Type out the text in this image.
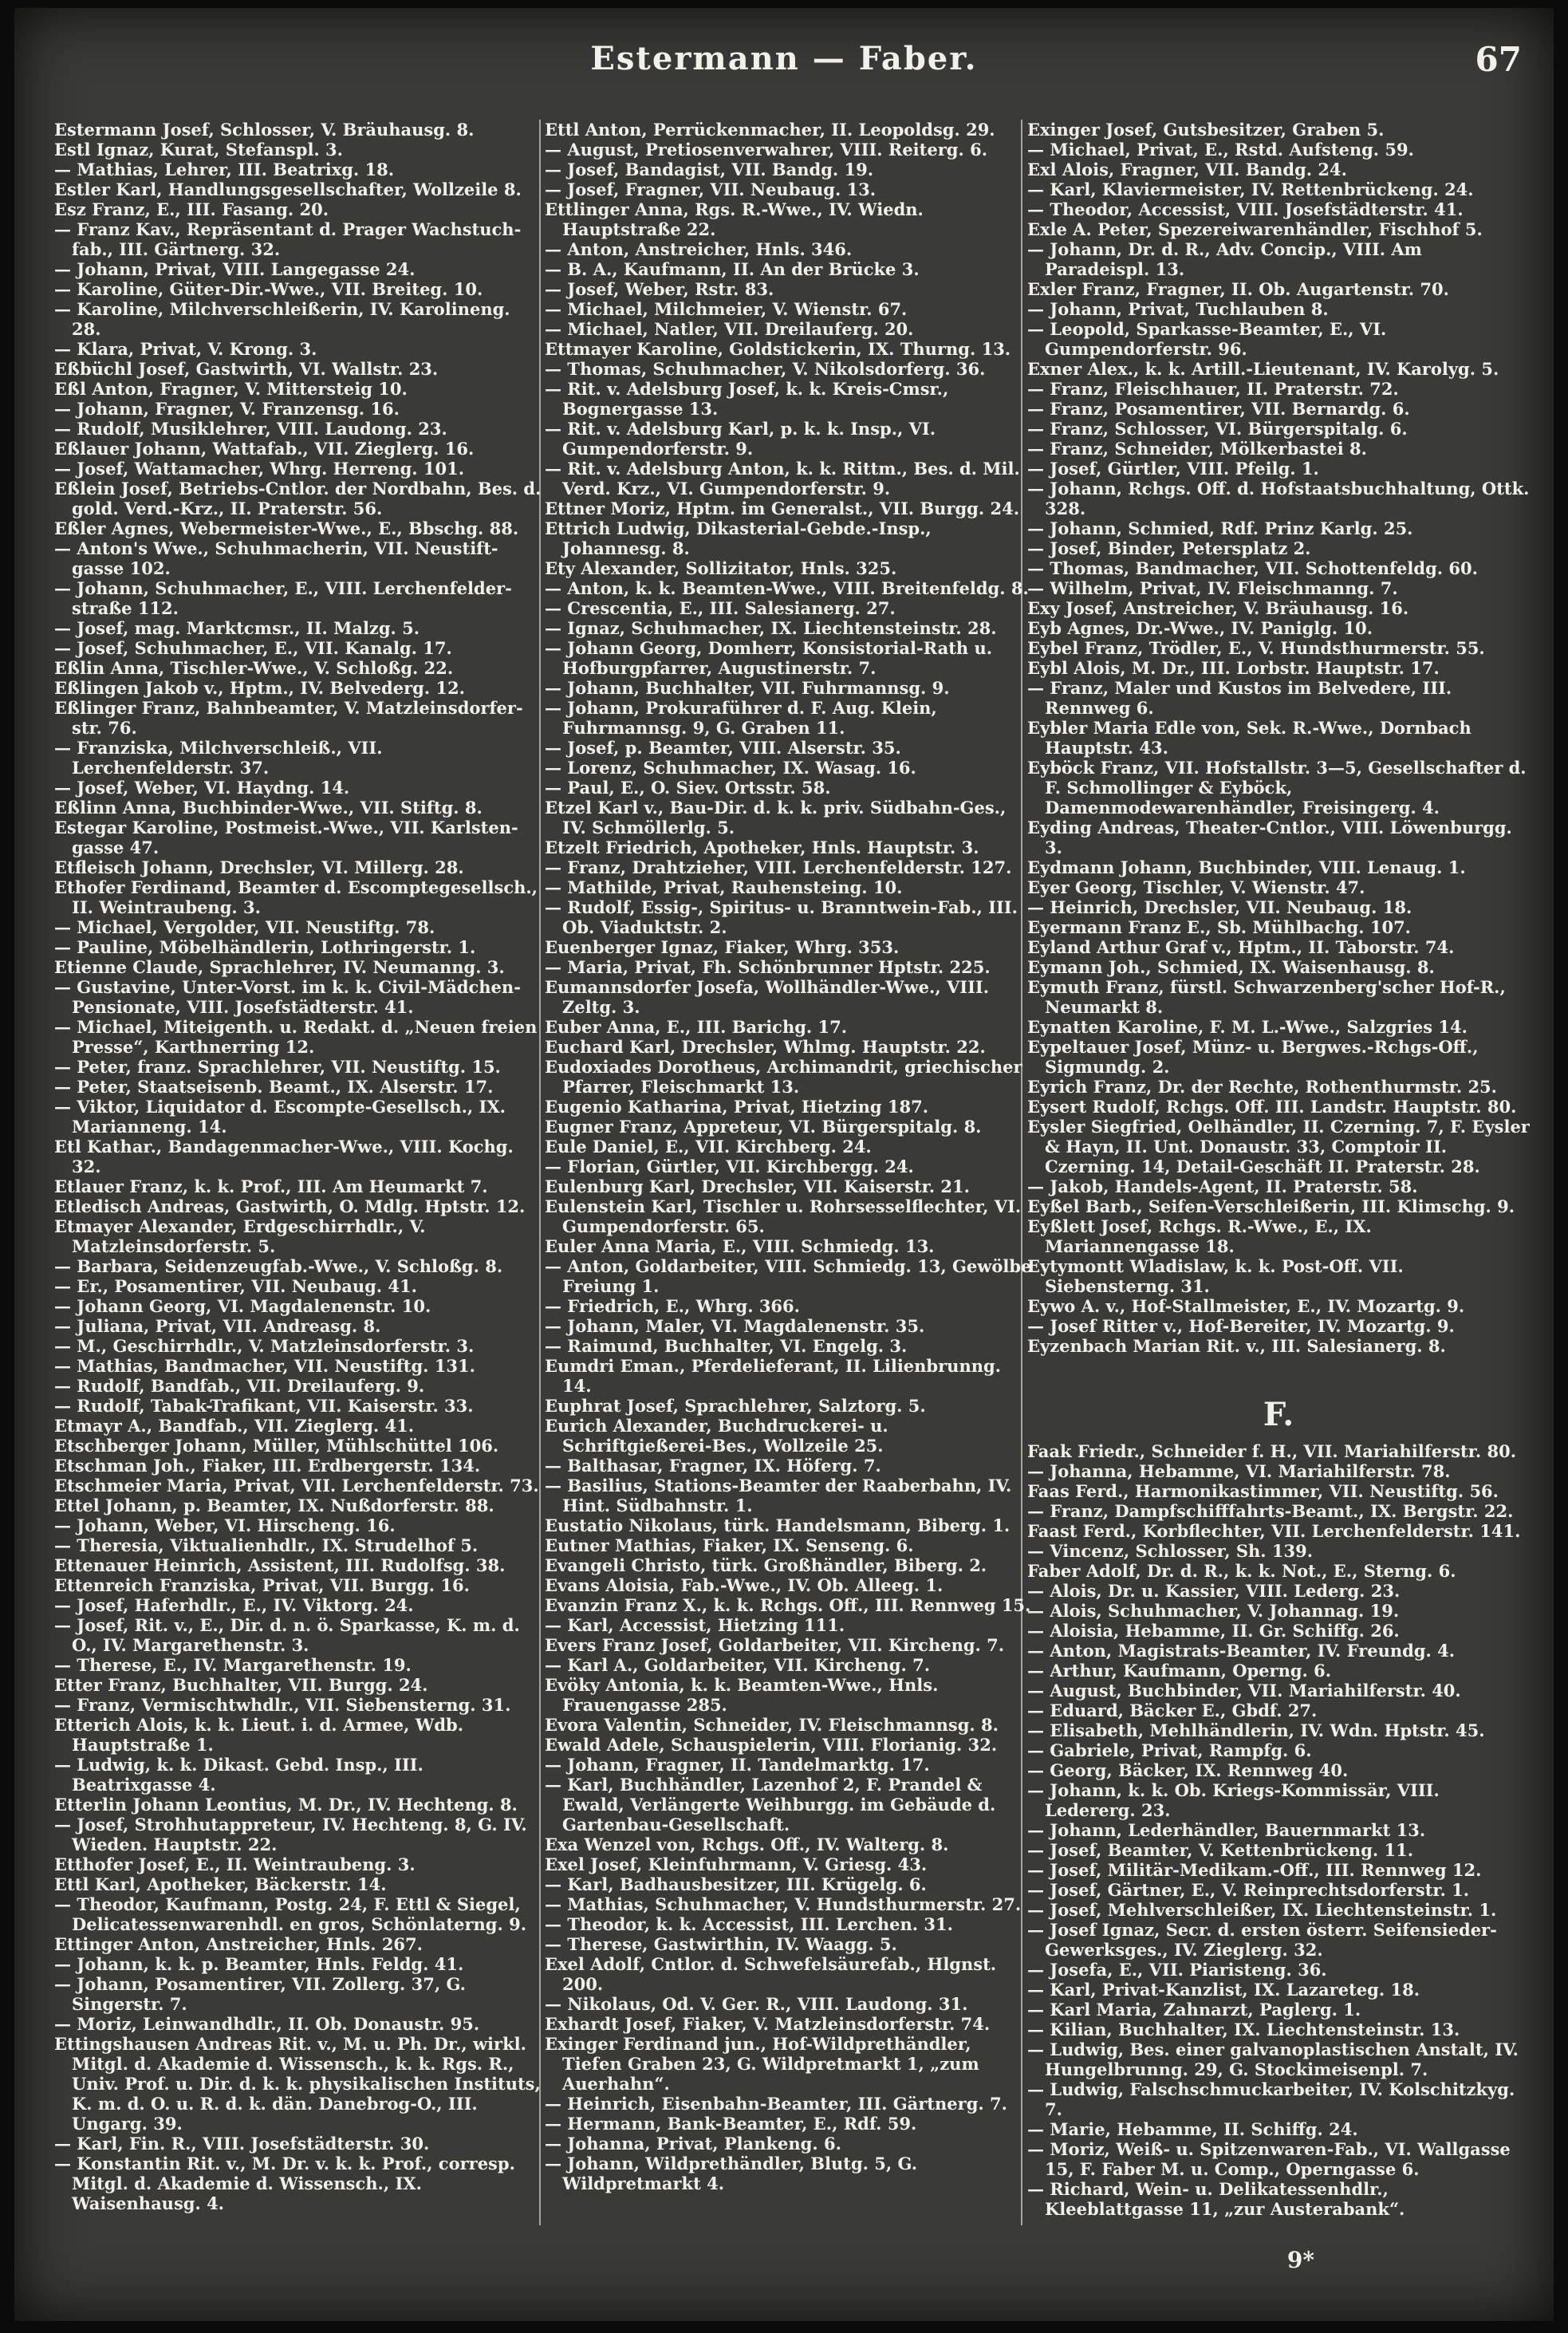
Estermann — Faber.	67
Estermann Josef, Schlosser, V. Bräuhausg. 8.
Estl Ignaz, Kurat, Stefanspl. 3.
— Mathias, Lehrer, III. Beatrixg. 18.
Estler Karl, Handlungsgesellschafter, Wollzeile 8.
Esz Franz, E., III. Fasang. 20.
— Franz Kav., Repräsentant d. Prager Wachstuch-fab., III. Gärtnerg. 32.
— Johann, Privat, VIII. Langegasse 24.
— Karoline, Güter-Dir.-Wwe., VII. Breiteg. 10.
— Karoline, Milchverschleißerin, IV. Karolineng. 28.
— Klara, Privat, V. Krong. 3.
Eßbüchl Josef, Gastwirth, VI. Wallstr. 23.
Eßl Anton, Fragner, V. Mittersteig 10.
— Johann, Fragner, V. Franzensg. 16.
— Rudolf, Musiklehrer, VIII. Laudong. 23.
Eßlauer Johann, Wattafab., VII. Zieglerg. 16.
— Josef, Wattamacher, Whrg. Herreng. 101.
Eßlein Josef, Betriebs-Cntlor. der Nordbahn, Bes. d. gold. Verd.-Krz., II. Praterstr. 56.
Eßler Agnes, Webermeister-Wwe., E., Bbschg. 88.
— Anton's Wwe., Schuhmacherin, VII. Neustift-gasse 102.
— Johann, Schuhmacher, E., VIII. Lerchenfelder-straße 112.
— Josef, mag. Marktcmsr., II. Malzg. 5.
— Josef, Schuhmacher, E., VII. Kanalg. 17.
Eßlin Anna, Tischler-Wwe., V. Schloßg. 22.
Eßlingen Jakob v., Hptm., IV. Belvederg. 12.
Eßlinger Franz, Bahnbeamter, V. Matzleinsdorfer-str. 76.
— Franziska, Milchverschleiß., VII. Lerchenfelderstr. 37.
— Josef, Weber, VI. Haydng. 14.
Eßlinn Anna, Buchbinder-Wwe., VII. Stiftg. 8.
Estegar Karoline, Postmeist.-Wwe., VII. Karlsten-gasse 47.
Etfleisch Johann, Drechsler, VI. Millerg. 28.
Ethofer Ferdinand, Beamter d. Escomptegesellsch., II. Weintraubeng. 3.
— Michael, Vergolder, VII. Neustiftg. 78.
— Pauline, Möbelhändlerin, Lothringerstr. 1.
Etienne Claude, Sprachlehrer, IV. Neumanng. 3.
— Gustavine, Unter-Vorst. im k. k. Civil-Mädchen-Pensionate, VIII. Josefstädterstr. 41.
— Michael, Miteigenth. u. Redakt. d. „Neuen freien Presse“, Karthnerring 12.
— Peter, franz. Sprachlehrer, VII. Neustiftg. 15.
— Peter, Staatseisenb. Beamt., IX. Alserstr. 17.
— Viktor, Liquidator d. Escompte-Gesellsch., IX. Marianneng. 14.
Etl Kathar., Bandagenmacher-Wwe., VIII. Kochg. 32.
Etlauer Franz, k. k. Prof., III. Am Heumarkt 7.
Etledisch Andreas, Gastwirth, O. Mdlg. Hptstr. 12.
Etmayer Alexander, Erdgeschirrhdlr., V. Matzleinsdorferstr. 5.
— Barbara, Seidenzeugfab.-Wwe., V. Schloßg. 8.
— Er., Posamentirer, VII. Neubaug. 41.
— Johann Georg, VI. Magdalenenstr. 10.
— Juliana, Privat, VII. Andreasg. 8.
— M., Geschirrhdlr., V. Matzleinsdorferstr. 3.
— Mathias, Bandmacher, VII. Neustiftg. 131.
— Rudolf, Bandfab., VII. Dreilauferg. 9.
— Rudolf, Tabak-Trafikant, VII. Kaiserstr. 33.
Etmayr A., Bandfab., VII. Zieglerg. 41.
Etschberger Johann, Müller, Mühlschüttel 106.
Etschman Joh., Fiaker, III. Erdbergerstr. 134.
Etschmeier Maria, Privat, VII. Lerchenfelderstr. 73.
Ettel Johann, p. Beamter, IX. Nußdorferstr. 88.
— Johann, Weber, VI. Hirscheng. 16.
— Theresia, Viktualienhdlr., IX. Strudelhof 5.
Ettenauer Heinrich, Assistent, III. Rudolfsg. 38.
Ettenreich Franziska, Privat, VII. Burgg. 16.
— Josef, Haferhdlr., E., IV. Viktorg. 24.
— Josef, Rit. v., E., Dir. d. n. ö. Sparkasse, K. m. d. O., IV. Margarethenstr. 3.
— Therese, E., IV. Margarethenstr. 19.
Etter Franz, Buchhalter, VII. Burgg. 24.
— Franz, Vermischtwhdlr., VII. Siebensterng. 31.
Etterich Alois, k. k. Lieut. i. d. Armee, Wdb. Hauptstraße 1.
— Ludwig, k. k. Dikast. Gebd. Insp., III. Beatrixgasse 4.
Etterlin Johann Leontius, M. Dr., IV. Hechteng. 8.
— Josef, Strohhutappreteur, IV. Hechteng. 8, G. IV. Wieden. Hauptstr. 22.
Etthofer Josef, E., II. Weintraubeng. 3.
Ettl Karl, Apotheker, Bäckerstr. 14.
— Theodor, Kaufmann, Postg. 24, F. Ettl & Siegel, Delicatessenwarenhdl. en gros, Schönlaterng. 9.
Ettinger Anton, Anstreicher, Hnls. 267.
— Johann, k. k. p. Beamter, Hnls. Feldg. 41.
— Johann, Posamentirer, VII. Zollerg. 37, G. Singerstr. 7.
— Moriz, Leinwandhdlr., II. Ob. Donaustr. 95.
Ettingshausen Andreas Rit. v., M. u. Ph. Dr., wirkl. Mitgl. d. Akademie d. Wissensch., k. k. Rgs. R., Univ. Prof. u. Dir. d. k. k. physikalischen Instituts, K. m. d. O. u. R. d. k. dän. Danebrog-O., III. Ungarg. 39.
— Karl, Fin. R., VIII. Josefstädterstr. 30.
— Konstantin Rit. v., M. Dr. v. k. k. Prof., corresp. Mitgl. d. Akademie d. Wissensch., IX. Waisenhausg. 4.
Ettl Anton, Perrückenmacher, II. Leopoldsg. 29.
— August, Pretiosenverwahrer, VIII. Reiterg. 6.
— Josef, Bandagist, VII. Bandg. 19.
— Josef, Fragner, VII. Neubaug. 13.
Ettlinger Anna, Rgs. R.-Wwe., IV. Wiedn. Hauptstraße 22.
— Anton, Anstreicher, Hnls. 346.
— B. A., Kaufmann, II. An der Brücke 3.
— Josef, Weber, Rstr. 83.
— Michael, Milchmeier, V. Wienstr. 67.
— Michael, Natler, VII. Dreilauferg. 20.
Ettmayer Karoline, Goldstickerin, IX. Thurng. 13.
— Thomas, Schuhmacher, V. Nikolsdorferg. 36.
— Rit. v. Adelsburg Josef, k. k. Kreis-Cmsr., Bognergasse 13.
— Rit. v. Adelsburg Karl, p. k. k. Insp., VI. Gumpendorferstr. 9.
— Rit. v. Adelsburg Anton, k. k. Rittm., Bes. d. Mil. Verd. Krz., VI. Gumpendorferstr. 9.
Ettner Moriz, Hptm. im Generalst., VII. Burgg. 24.
Ettrich Ludwig, Dikasterial-Gebde.-Insp., Johannesg. 8.
Ety Alexander, Sollizitator, Hnls. 325.
— Anton, k. k. Beamten-Wwe., VIII. Breitenfeldg. 8.
— Crescentia, E., III. Salesianerg. 27.
— Ignaz, Schuhmacher, IX. Liechtensteinstr. 28.
— Johann Georg, Domherr, Konsistorial-Rath u. Hofburgpfarrer, Augustinerstr. 7.
— Johann, Buchhalter, VII. Fuhrmannsg. 9.
— Johann, Prokuraführer d. F. Aug. Klein, Fuhrmannsg. 9, G. Graben 11.
— Josef, p. Beamter, VIII. Alserstr. 35.
— Lorenz, Schuhmacher, IX. Wasag. 16.
— Paul, E., O. Siev. Ortsstr. 58.
Etzel Karl v., Bau-Dir. d. k. k. priv. Südbahn-Ges., IV. Schmöllerlg. 5.
Etzelt Friedrich, Apotheker, Hnls. Hauptstr. 3.
— Franz, Drahtzieher, VIII. Lerchenfelderstr. 127.
— Mathilde, Privat, Rauhensteing. 10.
— Rudolf, Essig-, Spiritus- u. Branntwein-Fab., III. Ob. Viaduktstr. 2.
Euenberger Ignaz, Fiaker, Whrg. 353.
— Maria, Privat, Fh. Schönbrunner Hptstr. 225.
Eumannsdorfer Josefa, Wollhändler-Wwe., VIII. Zeltg. 3.
Euber Anna, E., III. Barichg. 17.
Euchard Karl, Drechsler, Whlmg. Hauptstr. 22.
Eudoxiades Dorotheus, Archimandrit, griechischer Pfarrer, Fleischmarkt 13.
Eugenio Katharina, Privat, Hietzing 187.
Eugner Franz, Appreteur, VI. Bürgerspitalg. 8.
Eule Daniel, E., VII. Kirchberg. 24.
— Florian, Gürtler, VII. Kirchbergg. 24.
Eulenburg Karl, Drechsler, VII. Kaiserstr. 21.
Eulenstein Karl, Tischler u. Rohrsesselflechter, VI. Gumpendorferstr. 65.
Euler Anna Maria, E., VIII. Schmiedg. 13.
— Anton, Goldarbeiter, VIII. Schmiedg. 13, Gewölbe Freiung 1.
— Friedrich, E., Whrg. 366.
— Johann, Maler, VI. Magdalenenstr. 35.
— Raimund, Buchhalter, VI. Engelg. 3.
Eumdri Eman., Pferdelieferant, II. Lilienbrunng. 14.
Euphrat Josef, Sprachlehrer, Salztorg. 5.
Eurich Alexander, Buchdruckerei- u. Schriftgießerei-Bes., Wollzeile 25.
— Balthasar, Fragner, IX. Höferg. 7.
— Basilius, Stations-Beamter der Raaberbahn, IV. Hint. Südbahnstr. 1.
Eustatio Nikolaus, türk. Handelsmann, Biberg. 1.
Eutner Mathias, Fiaker, IX. Senseng. 6.
Evangeli Christo, türk. Großhändler, Biberg. 2.
Evans Aloisia, Fab.-Wwe., IV. Ob. Alleeg. 1.
Evanzin Franz X., k. k. Rchgs. Off., III. Rennweg 15.
— Karl, Accessist, Hietzing 111.
Evers Franz Josef, Goldarbeiter, VII. Kircheng. 7.
— Karl A., Goldarbeiter, VII. Kircheng. 7.
Evöky Antonia, k. k. Beamten-Wwe., Hnls. Frauengasse 285.
Evora Valentin, Schneider, IV. Fleischmannsg. 8.
Ewald Adele, Schauspielerin, VIII. Florianig. 32.
— Johann, Fragner, II. Tandelmarktg. 17.
— Karl, Buchhändler, Lazenhof 2, F. Prandel & Ewald, Verlängerte Weihburgg. im Gebäude d. Gartenbau-Gesellschaft.
Exa Wenzel von, Rchgs. Off., IV. Walterg. 8.
Exel Josef, Kleinfuhrmann, V. Griesg. 43.
— Karl, Badhausbesitzer, III. Krügelg. 6.
— Mathias, Schuhmacher, V. Hundsthurmerstr. 27.
— Theodor, k. k. Accessist, III. Lerchen. 31.
— Therese, Gastwirthin, IV. Waagg. 5.
Exel Adolf, Cntlor. d. Schwefelsäurefab., Hlgnst. 200.
— Nikolaus, Od. V. Ger. R., VIII. Laudong. 31.
Exhardt Josef, Fiaker, V. Matzleinsdorferstr. 74.
Exinger Ferdinand jun., Hof-Wildprethändler, Tiefen Graben 23, G. Wildpretmarkt 1, „zum Auerhahn“.
— Heinrich, Eisenbahn-Beamter, III. Gärtnerg. 7.
— Hermann, Bank-Beamter, E., Rdf. 59.
— Johanna, Privat, Plankeng. 6.
— Johann, Wildprethändler, Blutg. 5, G. Wildpretmarkt 4.
Exinger Josef, Gutsbesitzer, Graben 5.
— Michael, Privat, E., Rstd. Aufsteng. 59.
Exl Alois, Fragner, VII. Bandg. 24.
— Karl, Klaviermeister, IV. Rettenbrückeng. 24.
— Theodor, Accessist, VIII. Josefstädterstr. 41.
Exle A. Peter, Spezereiwarenhändler, Fischhof 5.
— Johann, Dr. d. R., Adv. Concip., VIII. Am Paradeispl. 13.
Exler Franz, Fragner, II. Ob. Augartenstr. 70.
— Johann, Privat, Tuchlauben 8.
— Leopold, Sparkasse-Beamter, E., VI. Gumpendorferstr. 96.
Exner Alex., k. k. Artill.-Lieutenant, IV. Karolyg. 5.
— Franz, Fleischhauer, II. Praterstr. 72.
— Franz, Posamentirer, VII. Bernardg. 6.
— Franz, Schlosser, VI. Bürgerspitalg. 6.
— Franz, Schneider, Mölkerbastei 8.
— Josef, Gürtler, VIII. Pfeilg. 1.
— Johann, Rchgs. Off. d. Hofstaatsbuchhaltung, Ottk. 328.
— Johann, Schmied, Rdf. Prinz Karlg. 25.
— Josef, Binder, Petersplatz 2.
— Thomas, Bandmacher, VII. Schottenfeldg. 60.
— Wilhelm, Privat, IV. Fleischmanng. 7.
Exy Josef, Anstreicher, V. Bräuhausg. 16.
Eyb Agnes, Dr.-Wwe., IV. Paniglg. 10.
Eybel Franz, Trödler, E., V. Hundsthurmerstr. 55.
Eybl Alois, M. Dr., III. Lorbstr. Hauptstr. 17.
— Franz, Maler und Kustos im Belvedere, III. Rennweg 6.
Eybler Maria Edle von, Sek. R.-Wwe., Dornbach Hauptstr. 43.
Eyböck Franz, VII. Hofstallstr. 3—5, Gesellschafter d. F. Schmollinger & Eyböck, Damenmodewarenhändler, Freisingerg. 4.
Eyding Andreas, Theater-Cntlor., VIII. Löwenburgg. 3.
Eydmann Johann, Buchbinder, VIII. Lenaug. 1.
Eyer Georg, Tischler, V. Wienstr. 47.
— Heinrich, Drechsler, VII. Neubaug. 18.
Eyermann Franz E., Sb. Mühlbachg. 107.
Eyland Arthur Graf v., Hptm., II. Taborstr. 74.
Eymann Joh., Schmied, IX. Waisenhausg. 8.
Eymuth Franz, fürstl. Schwarzenberg'scher Hof-R., Neumarkt 8.
Eynatten Karoline, F. M. L.-Wwe., Salzgries 14.
Eypeltauer Josef, Münz- u. Bergwes.-Rchgs-Off., Sigmundg. 2.
Eyrich Franz, Dr. der Rechte, Rothenthurmstr. 25.
Eysert Rudolf, Rchgs. Off. III. Landstr. Hauptstr. 80.
Eysler Siegfried, Oelhändler, II. Czerning. 7, F. Eysler & Hayn, II. Unt. Donaustr. 33, Comptoir II. Czerning. 14, Detail-Geschäft II. Praterstr. 28.
— Jakob, Handels-Agent, II. Praterstr. 58.
Eyßel Barb., Seifen-Verschleißerin, III. Klimschg. 9.
Eyßlett Josef, Rchgs. R.-Wwe., E., IX. Mariannengasse 18.
Eytymontt Wladislaw, k. k. Post-Off. VII. Siebensterng. 31.
Eywo A. v., Hof-Stallmeister, E., IV. Mozartg. 9.
— Josef Ritter v., Hof-Bereiter, IV. Mozartg. 9.
Eyzenbach Marian Rit. v., III. Salesianerg. 8.
F.
Faak Friedr., Schneider f. H., VII. Mariahilferstr. 80.
— Johanna, Hebamme, VI. Mariahilferstr. 78.
Faas Ferd., Harmonikastimmer, VII. Neustiftg. 56.
— Franz, Dampfschifffahrts-Beamt., IX. Bergstr. 22.
Faast Ferd., Korbflechter, VII. Lerchenfelderstr. 141.
— Vincenz, Schlosser, Sh. 139.
Faber Adolf, Dr. d. R., k. k. Not., E., Sterng. 6.
— Alois, Dr. u. Kassier, VIII. Lederg. 23.
— Alois, Schuhmacher, V. Johannag. 19.
— Aloisia, Hebamme, II. Gr. Schiffg. 26.
— Anton, Magistrats-Beamter, IV. Freundg. 4.
— Arthur, Kaufmann, Operng. 6.
— August, Buchbinder, VII. Mariahilferstr. 40.
— Eduard, Bäcker E., Gbdf. 27.
— Elisabeth, Mehlhändlerin, IV. Wdn. Hptstr. 45.
— Gabriele, Privat, Rampfg. 6.
— Georg, Bäcker, IX. Rennweg 40.
— Johann, k. k. Ob. Kriegs-Kommissär, VIII. Ledererg. 23.
— Johann, Lederhändler, Bauernmarkt 13.
— Josef, Beamter, V. Kettenbrückeng. 11.
— Josef, Militär-Medikam.-Off., III. Rennweg 12.
— Josef, Gärtner, E., V. Reinprechtsdorferstr. 1.
— Josef, Mehlverschleißer, IX. Liechtensteinstr. 1.
— Josef Ignaz, Secr. d. ersten österr. Seifensieder-Gewerksges., IV. Zieglerg. 32.
— Josefa, E., VII. Piaristeng. 36.
— Karl, Privat-Kanzlist, IX. Lazareteg. 18.
— Karl Maria, Zahnarzt, Paglerg. 1.
— Kilian, Buchhalter, IX. Liechtensteinstr. 13.
— Ludwig, Bes. einer galvanoplastischen Anstalt, IV. Hungelbrunng. 29, G. Stockimeisenpl. 7.
— Ludwig, Falschschmuckarbeiter, IV. Kolschitzkyg. 7.
— Marie, Hebamme, II. Schiffg. 24.
— Moriz, Weiß- u. Spitzenwaren-Fab., VI. Wallgasse 15, F. Faber M. u. Comp., Operngasse 6.
— Richard, Wein- u. Delikatessenhdlr., Kleeblattgasse 11, „zur Austerabank“.
9*
